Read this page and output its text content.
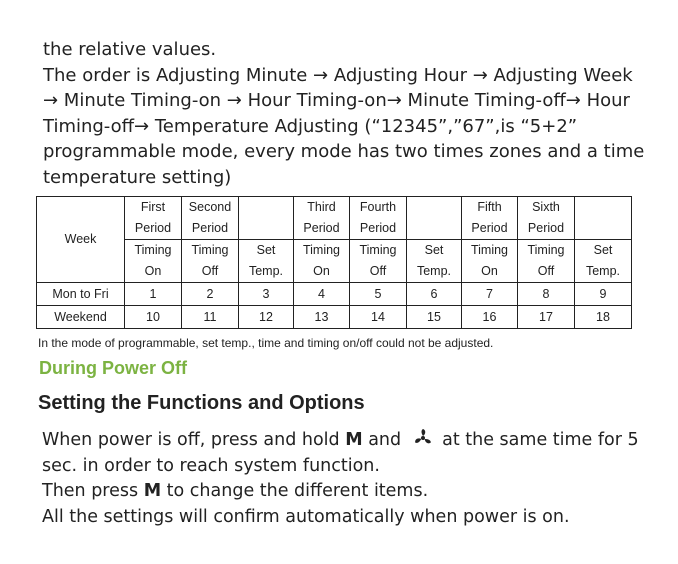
the relative values.

The order is Adjusting Minute → Adjusting Hour → Adjusting Week → Minute Timing-on → Hour Timing-on→ Minute Timing-off→ Hour Timing-off→ Temperature Adjusting (“12345”,”67”,is “5+2” programmable mode, every mode has two times zones and a time temperature setting)

Week	First	Second		Third	Fourth		Fifth	Sixth	
	Period	Period		Period	Period		Period	Period	
	Timing	Timing	Set	Timing	Timing	Set	Timing	Timing	Set
	On	Off	Temp.	On	Off	Temp.	On	Off	Temp.
Mon to Fri	1	2	3	4	5	6	7	8	9
Weekend	10	11	12	13	14	15	16	17	18
In the mode of programmable, set temp., time and timing on/off could not be adjusted.
During Power Off
Setting the Functions and Options

When power is off, press and hold M and at the same time for 5 sec. in order to reach system function.

Then press M to change the different items.

All the settings will confirm automatically when power is on.
